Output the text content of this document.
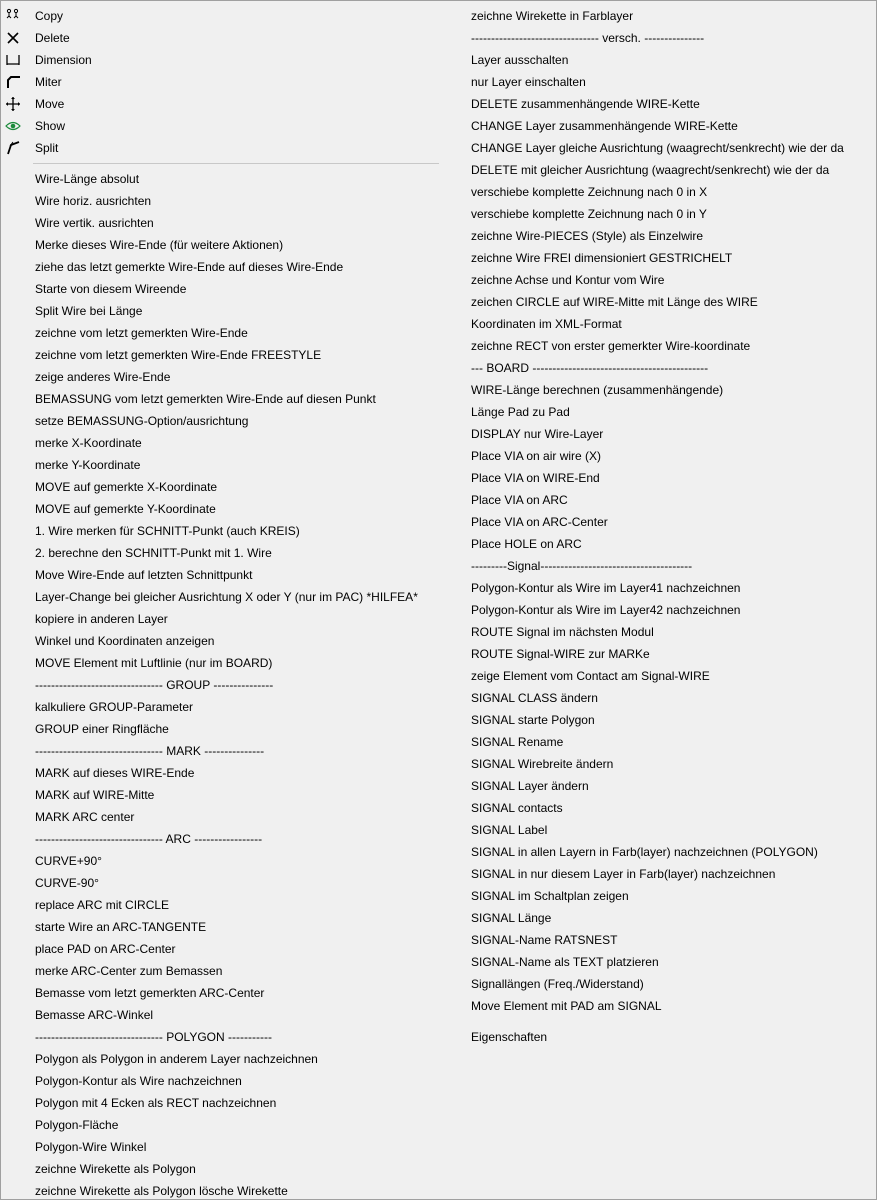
Copy
Delete
Dimension
Miter
Move
Show
Split
Wire-Länge absolut
Wire horiz. ausrichten
Wire vertik. ausrichten
Merke dieses Wire-Ende (für weitere Aktionen)
ziehe das letzt gemerkte Wire-Ende auf dieses Wire-Ende
Starte von diesem Wireende
Split Wire bei Länge
zeichne vom letzt gemerkten Wire-Ende
zeichne vom letzt gemerkten Wire-Ende FREESTYLE
zeige anderes Wire-Ende
BEMASSUNG vom letzt gemerkten Wire-Ende auf diesen Punkt
setze BEMASSUNG-Option/ausrichtung
merke X-Koordinate
merke Y-Koordinate
MOVE auf gemerkte X-Koordinate
MOVE auf gemerkte Y-Koordinate
1. Wire merken für SCHNITT-Punkt (auch KREIS)
2. berechne den SCHNITT-Punkt mit 1. Wire
Move Wire-Ende auf letzten Schnittpunkt
Layer-Change bei gleicher Ausrichtung X oder Y (nur im PAC) *HILFEA*
kopiere in anderen Layer
Winkel und Koordinaten anzeigen
MOVE Element mit Luftlinie (nur im BOARD)
-------------------------------- GROUP ---------------
kalkuliere GROUP-Parameter
GROUP einer Ringfläche
-------------------------------- MARK ---------------
MARK auf dieses WIRE-Ende
MARK auf WIRE-Mitte
MARK ARC center
-------------------------------- ARC -----------------
CURVE+90°
CURVE-90°
replace ARC mit CIRCLE
starte Wire an ARC-TANGENTE
place PAD on ARC-Center
merke ARC-Center zum Bemassen
Bemasse vom letzt gemerkten ARC-Center
Bemasse ARC-Winkel
-------------------------------- POLYGON -----------
Polygon als Polygon in anderem Layer nachzeichnen
Polygon-Kontur als Wire nachzeichnen
Polygon mit 4 Ecken als RECT nachzeichnen
Polygon-Fläche
Polygon-Wire Winkel
zeichne Wirekette als Polygon
zeichne Wirekette als Polygon lösche Wirekette
zeichne Wirekette in Farblayer
-------------------------------- versch. ---------------
Layer ausschalten
nur Layer einschalten
DELETE zusammenhängende WIRE-Kette
CHANGE Layer zusammenhängende WIRE-Kette
CHANGE Layer gleiche Ausrichtung (waagrecht/senkrecht) wie der da
DELETE mit gleicher Ausrichtung (waagrecht/senkrecht) wie der da
verschiebe komplette Zeichnung nach 0 in X
verschiebe komplette Zeichnung nach 0 in Y
zeichne Wire-PIECES (Style) als Einzelwire
zeichne Wire FREI dimensioniert GESTRICHELT
zeichne Achse und Kontur vom Wire
zeichen CIRCLE auf WIRE-Mitte mit Länge des WIRE
Koordinaten im XML-Format
zeichne RECT von erster gemerkter Wire-koordinate
--- BOARD --------------------------------------------
WIRE-Länge berechnen (zusammenhängende)
Länge Pad zu Pad
DISPLAY nur Wire-Layer
Place VIA on air wire (X)
Place VIA on WIRE-End
Place VIA on ARC
Place VIA on ARC-Center
Place HOLE on ARC
---------Signal--------------------------------------
Polygon-Kontur als Wire im Layer41 nachzeichnen
Polygon-Kontur als Wire im Layer42 nachzeichnen
ROUTE Signal im nächsten Modul
ROUTE Signal-WIRE zur MARKe
zeige Element vom Contact am Signal-WIRE
SIGNAL CLASS ändern
SIGNAL starte Polygon
SIGNAL Rename
SIGNAL Wirebreite ändern
SIGNAL Layer ändern
SIGNAL contacts
SIGNAL Label
SIGNAL in allen Layern in Farb(layer) nachzeichnen (POLYGON)
SIGNAL in nur diesem Layer in Farb(layer) nachzeichnen
SIGNAL im Schaltplan zeigen
SIGNAL Länge
SIGNAL-Name RATSNEST
SIGNAL-Name als TEXT platzieren
Signallängen (Freq./Widerstand)
Move Element mit PAD am SIGNAL
Eigenschaften
